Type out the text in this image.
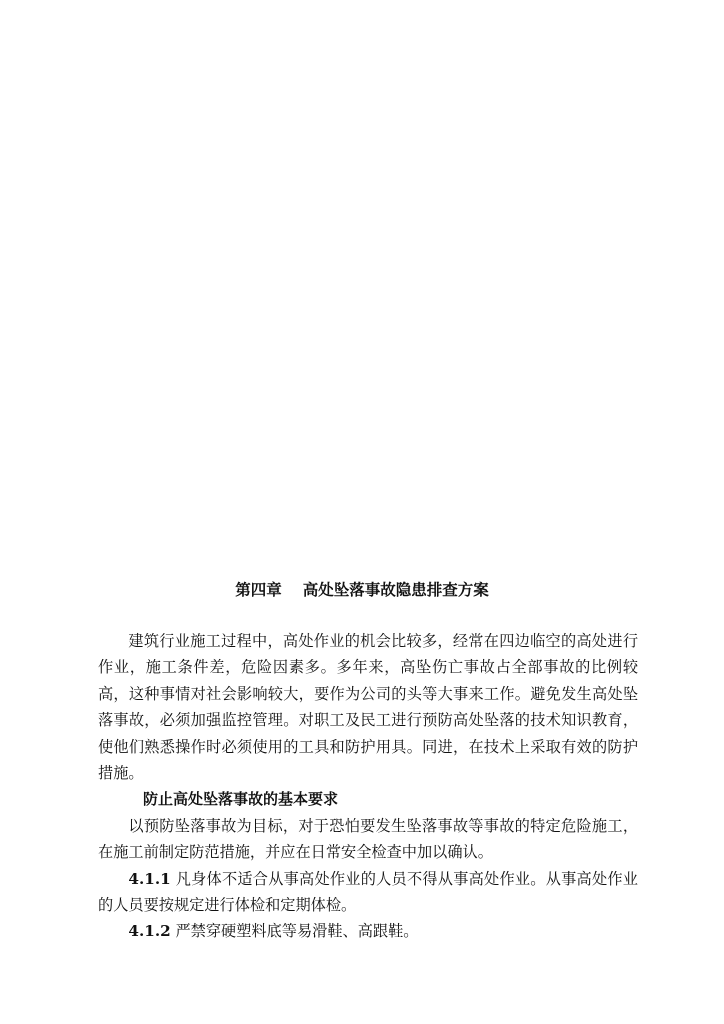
第四章　 高处坠落事故隐患排查方案

建筑行业施工过程中，高处作业的机会比较多，经常在四边临空的高处进行作业，施工条件差，危险因素多。多年来，高坠伤亡事故占全部事故的比例较高，这种事情对社会影响较大，要作为公司的头等大事来工作。避免发生高处坠落事故，必须加强监控管理。对职工及民工进行预防高处坠落的技术知识教育，使他们熟悉操作时必须使用的工具和防护用具。同进，在技术上采取有效的防护措施。

防止高处坠落事故的基本要求

以预防坠落事故为目标，对于恐怕要发生坠落事故等事故的特定危险施工，在施工前制定防范措施，并应在日常安全检查中加以确认。

4.1.1 凡身体不适合从事高处作业的人员不得从事高处作业。从事高处作业的人员要按规定进行体检和定期体检。

4.1.2 严禁穿硬塑料底等易滑鞋、高跟鞋。
